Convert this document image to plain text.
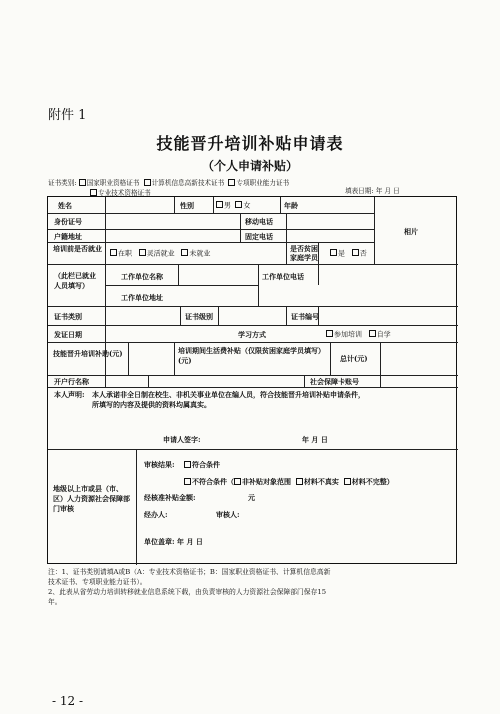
附件 1
技能晋升培训补贴申请表
（个人申请补贴）
证书类别: 国家职业资格证书 计算机信息高新技术证书 专项职业能力证书
专业技术资格证书	填表日期: 年 月 日
姓名	性别	男 女	年龄
身份证号	移动电话
户籍地址	固定电话
相片
培训前是否就业
在职 灵活就业 未就业
是否贫困家庭学员	是 否
（此栏已就业人员填写）
工作单位名称	工作单位电话
工作单位地址
证书类别	证书级别	证书编号
发证日期	学习方式	参加培训 自学
技能晋升培训补助(元)	培训期间生活费补贴（仅限贫困家庭学员填写）(元)	总计(元)
开户行名称	社会保障卡账号
本人声明: 本人承诺非全日制在校生、非机关事业单位在编人员，符合技能晋升培训补贴申请条件，
所填写的内容及提供的资料均属真实。
申请人签字:	年 月 日
地级以上市或县（市、区）人力资源社会保障部门审核
审核结果:	符合条件
不符合条件（ 非补贴对象范围 材料不真实 材料不完整）
经核准补贴金额:	元
经办人:	审核人:
单位盖章: 年 月 日
注：1、证书类别请填A或B（A：专业技术资格证书；B：国家职业资格证书、计算机信息高新
技术证书、专项职业能力证书）。
2、此表从省劳动力培训转移就业信息系统下载，由负责审核的人力资源社会保障部门保存15
年。
- 12 -
